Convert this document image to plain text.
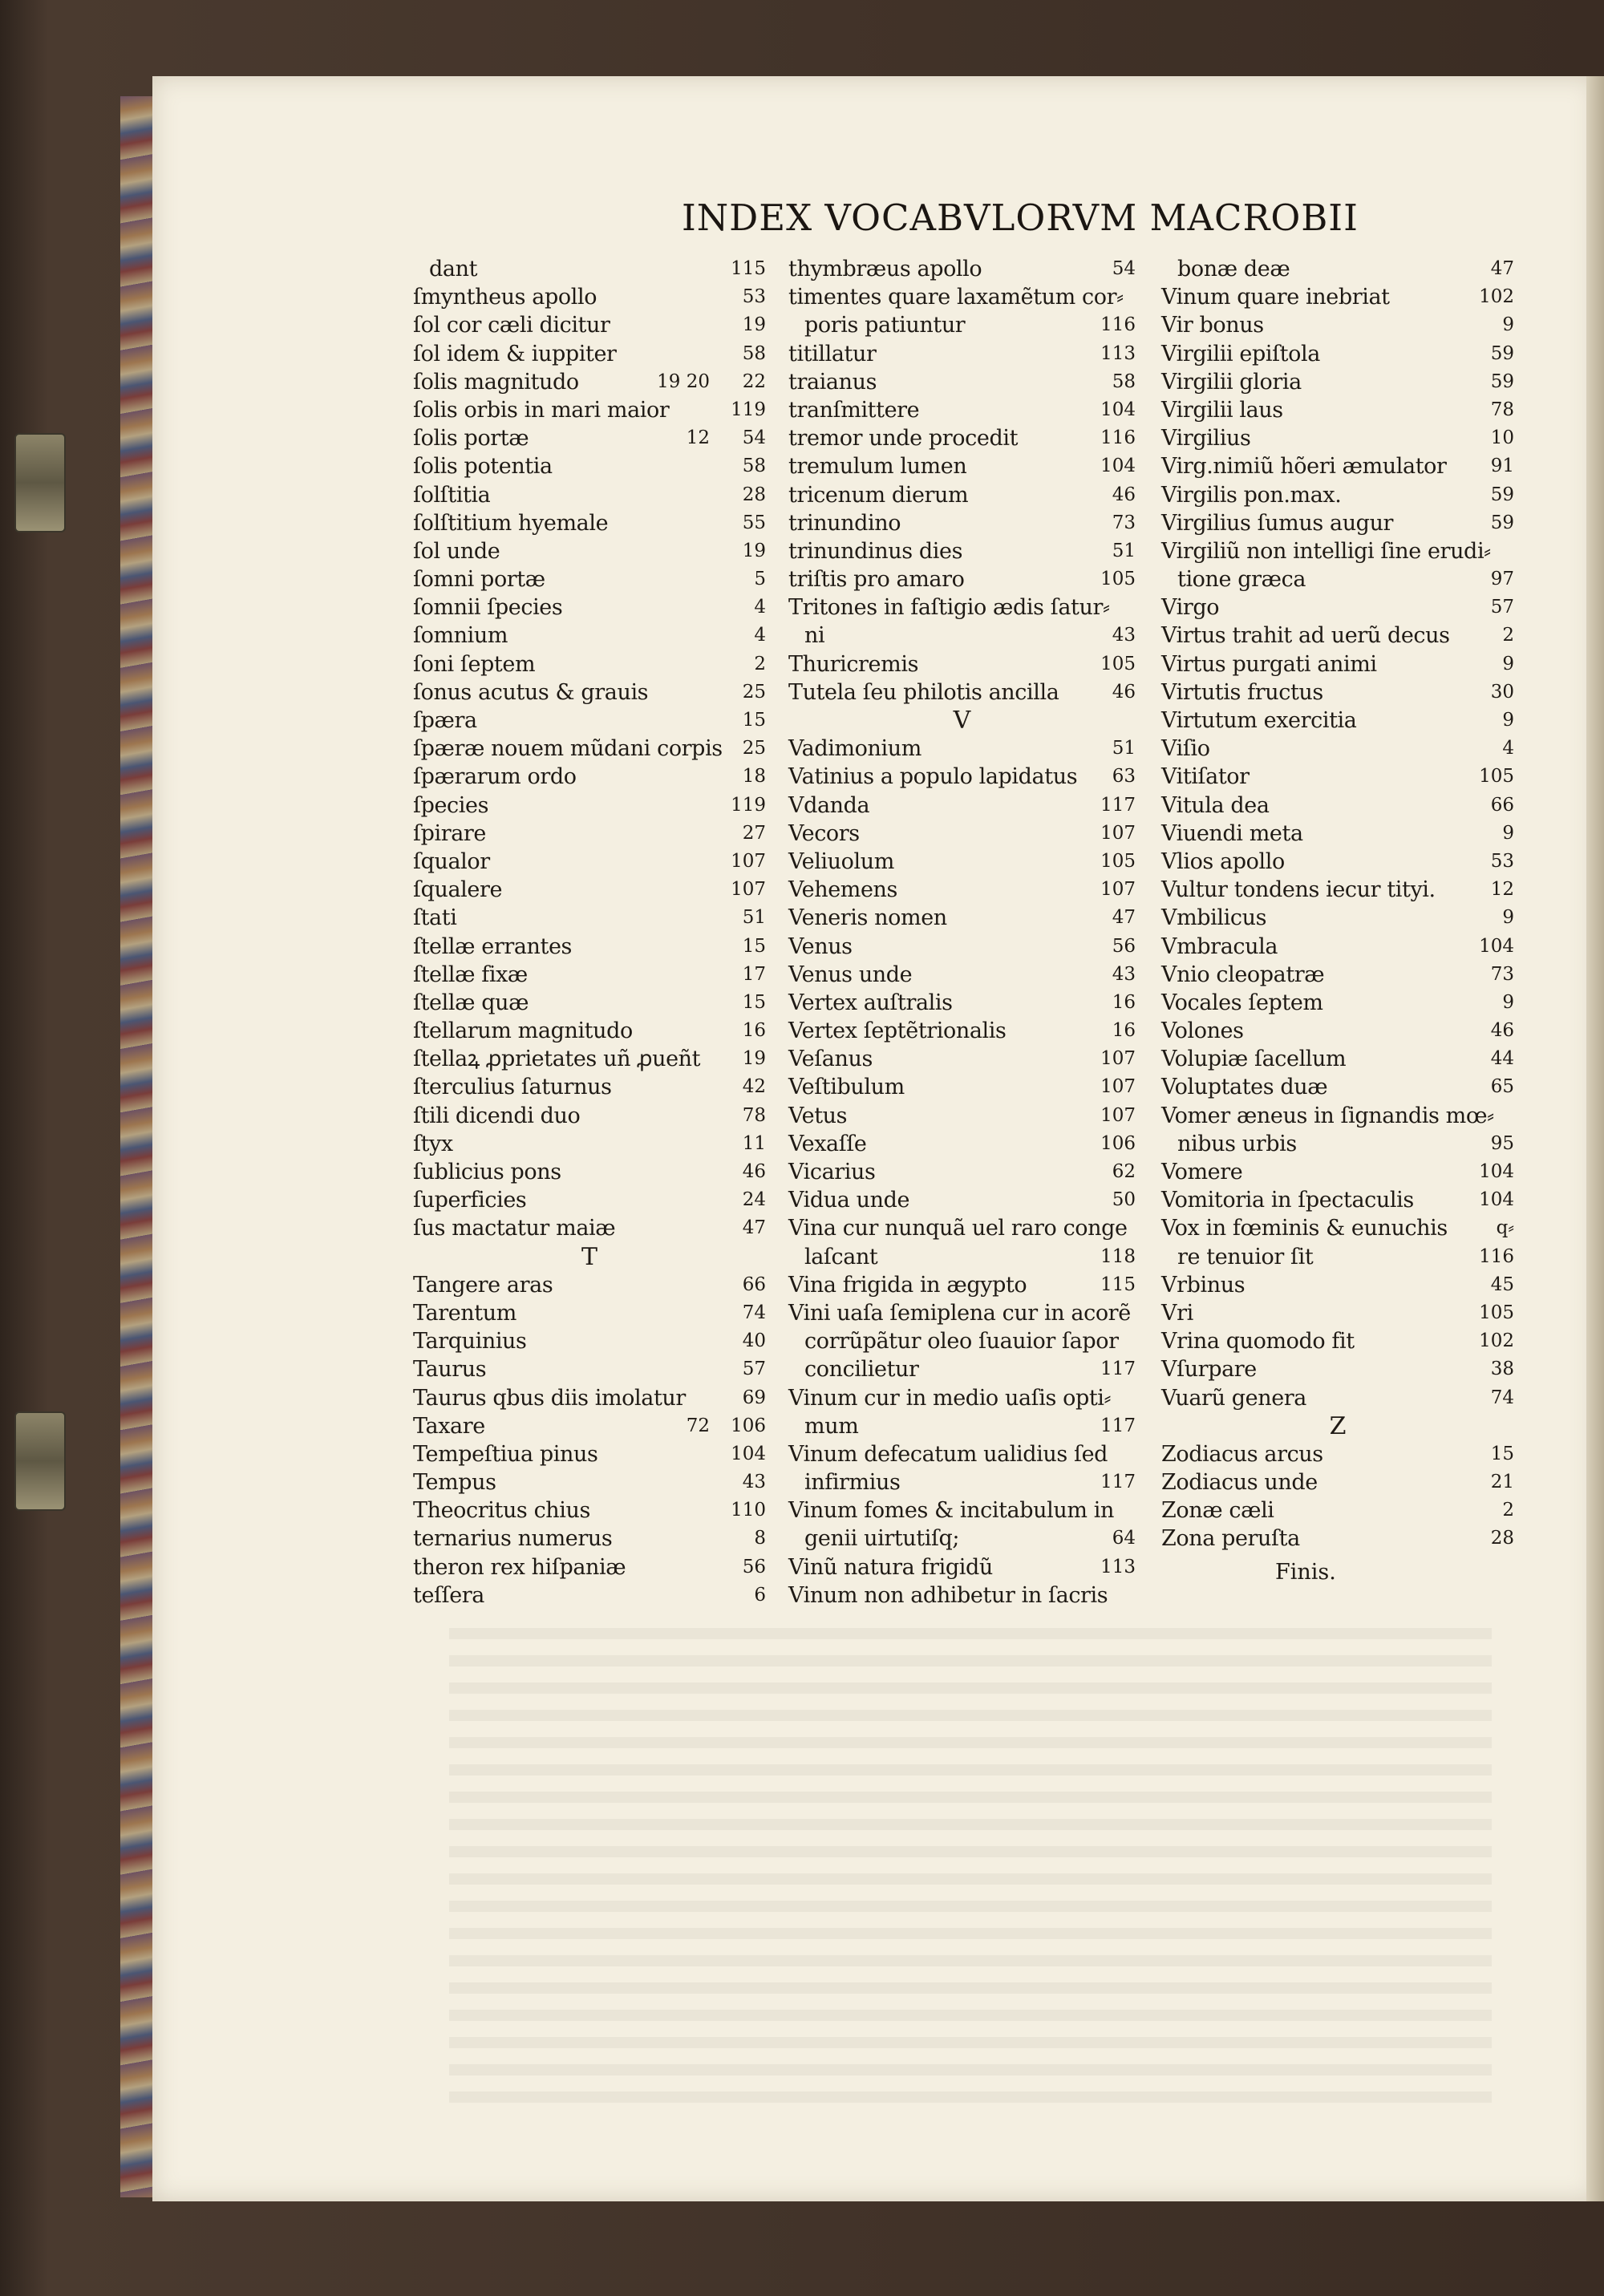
INDEX VOCABVLORVM MACROBII
dant	115
ſmyntheus apollo	53
ſol cor cæli dicitur	19
ſol idem & iuppiter	58
ſolis magnitudo	19 20 22
ſolis orbis in mari maior	119
ſolis portæ	12 54
ſolis potentia	58
ſolſtitia	28
ſolſtitium hyemale	55
ſol unde	19
ſomni portæ	5
ſomnii ſpecies	4
ſomnium	4
ſoni ſeptem	2
ſonus acutus & grauis	25
ſpæra	15
ſpæræ nouem mũdani corpis 25
ſpærarum ordo	18
ſpecies	119
ſpirare	27
ſqualor	107
ſqualere	107
ſtati	51
ſtellæ errantes	15
ſtellæ fixæ	17
ſtellæ quæ	15
ſtellarum magnitudo	16
ſtellaꝝ ꝓprietates uñ ꝓueñt 19
ſterculius ſaturnus	42
ſtili dicendi duo	78
ſtyx	11
ſublicius pons	46
ſuperficies	24
ſus mactatur maiæ	47
T
Tangere aras	66
Tarentum	74
Tarquinius	40
Taurus	57
Taurus qbus diis imolatur	69
Taxare	72 106
Tempeſtiua pinus	104
Tempus	43
Theocritus chius	110
ternarius numerus	8
theron rex hiſpaniæ	56
teſſera	6
thymbræus apollo	54
timentes quare laxamẽtum cor⸗
poris patiuntur	116
titillatur	113
traianus	58
tranſmittere	104
tremor unde procedit	116
tremulum lumen	104
tricenum dierum	46
trinundino	73
trinundinus dies	51
triſtis pro amaro	105
Tritones in faſtigio ædis ſatur⸗
ni	43
Thuricremis	105
Tutela ſeu philotis ancilla	46
V
Vadimonium	51
Vatinius a populo lapidatus 63
Vdanda	117
Vecors	107
Veliuolum	105
Vehemens	107
Veneris nomen	47
Venus	56
Venus unde	43
Vertex auſtralis	16
Vertex ſeptẽtrionalis	16
Veſanus	107
Veſtibulum	107
Vetus	107
Vexaſſe	106
Vicarius	62
Vidua unde	50
Vina cur nunquã uel raro conge
laſcant	118
Vina frigida in ægypto	115
Vini uaſa ſemiplena cur in acorẽ
corrũpãtur oleo ſuauior ſapor
concilietur	117
Vinum cur in medio uaſis opti⸗
mum	117
Vinum defecatum ualidius ſed
infirmius	117
Vinum fomes & incitabulum in
genii uirtutiſq;	64
Vinũ natura frigidũ	113
Vinum non adhibetur in ſacris
bonæ deæ	47
Vinum quare inebriat	102
Vir bonus	9
Virgilii epiſtola	59
Virgilii gloria	59
Virgilii laus	78
Virgilius	10
Virg.nimiũ hõeri æmulator 91
Virgilis pon.max.	59
Virgilius ſumus augur	59
Virgiliũ non intelligi ſine erudi⸗
tione græca	97
Virgo	57
Virtus trahit ad uerũ decus	2
Virtus purgati animi	9
Virtutis fructus	30
Virtutum exercitia	9
Viſio	4
Vitiſator	105
Vitula dea	66
Viuendi meta	9
Vlios apollo	53
Vultur tondens iecur tityi.	12
Vmbilicus	9
Vmbracula	104
Vnio cleopatræ	73
Vocales ſeptem	9
Volones	46
Volupiæ ſacellum	44
Voluptates duæ	65
Vomer æneus in ſignandis mœ⸗
nibus urbis	95
Vomere	104
Vomitoria in ſpectaculis	104
Vox in fœminis & eunuchis	q⸗
re tenuior ſit	116
Vrbinus	45
Vri	105
Vrina quomodo fit	102
Vſurpare	38
Vuarũ genera	74
Z
Zodiacus arcus	15
Zodiacus unde	21
Zonæ cæli	2
Zona peruſta	28
Finis.
